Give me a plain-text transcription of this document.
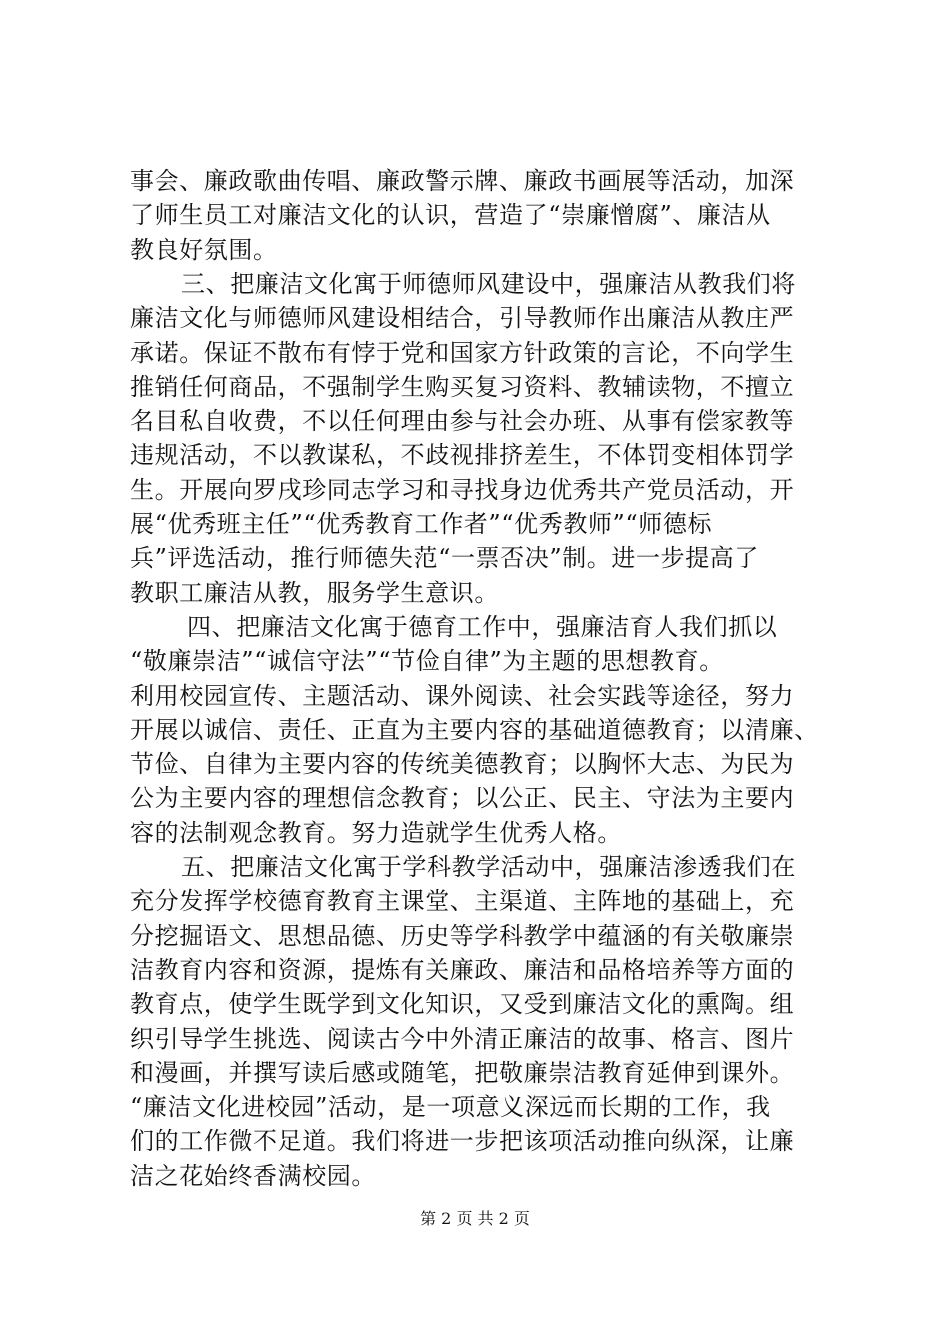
事会、廉政歌曲传唱、廉政警示牌、廉政书画展等活动，加深
了师生员工对廉洁文化的认识，营造了“崇廉憎腐”、廉洁从
教良好氛围。
三、把廉洁文化寓于师德师风建设中，强廉洁从教我们将
廉洁文化与师德师风建设相结合，引导教师作出廉洁从教庄严
承诺。保证不散布有悖于党和国家方针政策的言论，不向学生
推销任何商品，不强制学生购买复习资料、教辅读物，不擅立
名目私自收费，不以任何理由参与社会办班、从事有偿家教等
违规活动，不以教谋私，不歧视排挤差生，不体罚变相体罚学
生。开展向罗戌珍同志学习和寻找身边优秀共产党员活动，开
展“优秀班主任”“优秀教育工作者”“优秀教师”“师德标
兵”评选活动，推行师德失范“一票否决”制。进一步提高了
教职工廉洁从教，服务学生意识。
四、把廉洁文化寓于德育工作中，强廉洁育人我们抓以
“敬廉崇洁”“诚信守法”“节俭自律”为主题的思想教育。
利用校园宣传、主题活动、课外阅读、社会实践等途径，努力
开展以诚信、责任、正直为主要内容的基础道德教育；以清廉、
节俭、自律为主要内容的传统美德教育；以胸怀大志、为民为
公为主要内容的理想信念教育；以公正、民主、守法为主要内
容的法制观念教育。努力造就学生优秀人格。
五、把廉洁文化寓于学科教学活动中，强廉洁渗透我们在
充分发挥学校德育教育主课堂、主渠道、主阵地的基础上，充
分挖掘语文、思想品德、历史等学科教学中蕴涵的有关敬廉崇
洁教育内容和资源，提炼有关廉政、廉洁和品格培养等方面的
教育点，使学生既学到文化知识，又受到廉洁文化的熏陶。组
织引导学生挑选、阅读古今中外清正廉洁的故事、格言、图片
和漫画，并撰写读后感或随笔，把敬廉崇洁教育延伸到课外。
“廉洁文化进校园”活动，是一项意义深远而长期的工作，我
们的工作微不足道。我们将进一步把该项活动推向纵深，让廉
洁之花始终香满校园。
第 2 页 共 2 页
